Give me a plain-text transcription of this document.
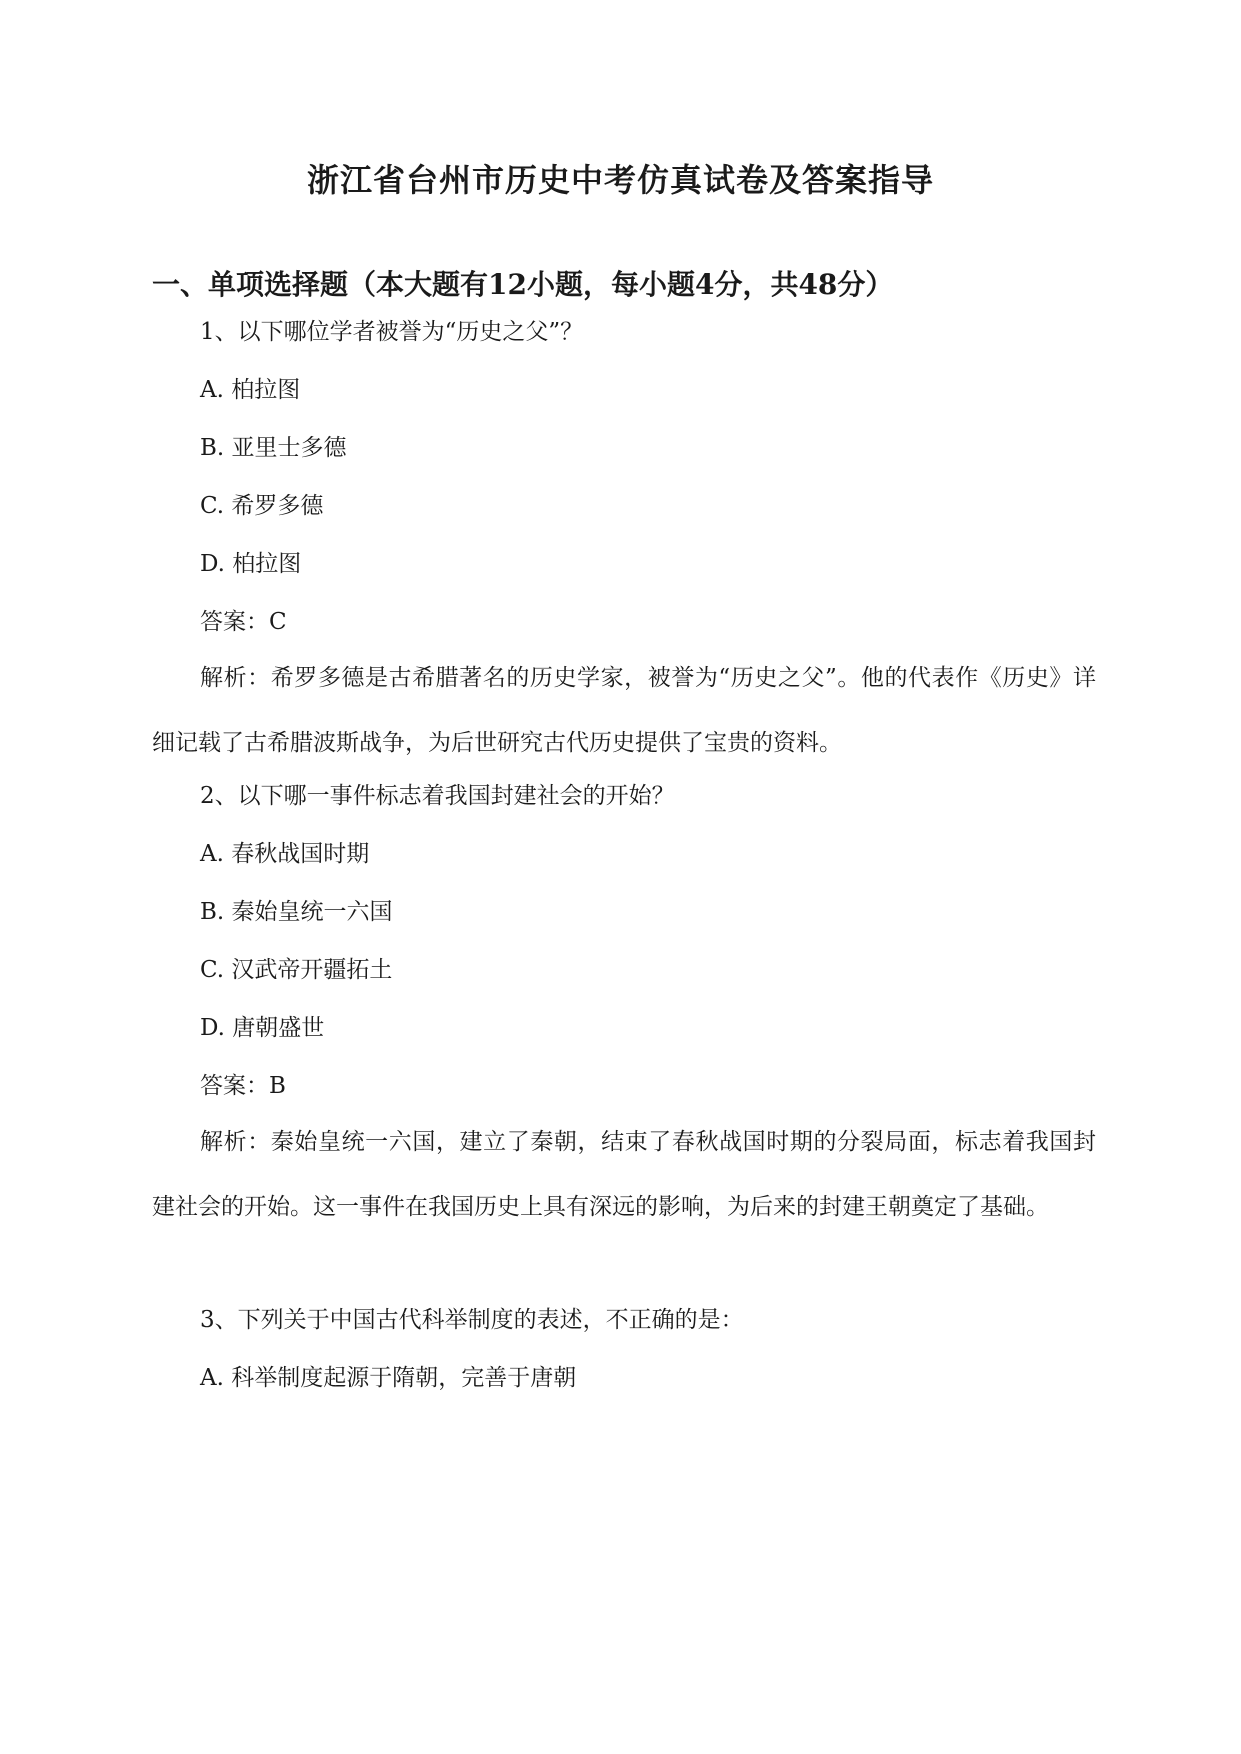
浙江省台州市历史中考仿真试卷及答案指导
一、单项选择题（本大题有12小题，每小题4分，共48分）
1、以下哪位学者被誉为“历史之父”？
A. 柏拉图
B. 亚里士多德
C. 希罗多德
D. 柏拉图
答案：C

解析：希罗多德是古希腊著名的历史学家，被誉为“历史之父”。他的代表作《历史》详细记载了古希腊波斯战争，为后世研究古代历史提供了宝贵的资料。

2、以下哪一事件标志着我国封建社会的开始？
A. 春秋战国时期
B. 秦始皇统一六国
C. 汉武帝开疆拓土
D. 唐朝盛世
答案：B

解析：秦始皇统一六国，建立了秦朝，结束了春秋战国时期的分裂局面，标志着我国封建社会的开始。这一事件在我国历史上具有深远的影响，为后来的封建王朝奠定了基础。

3、下列关于中国古代科举制度的表述，不正确的是：
A. 科举制度起源于隋朝，完善于唐朝
